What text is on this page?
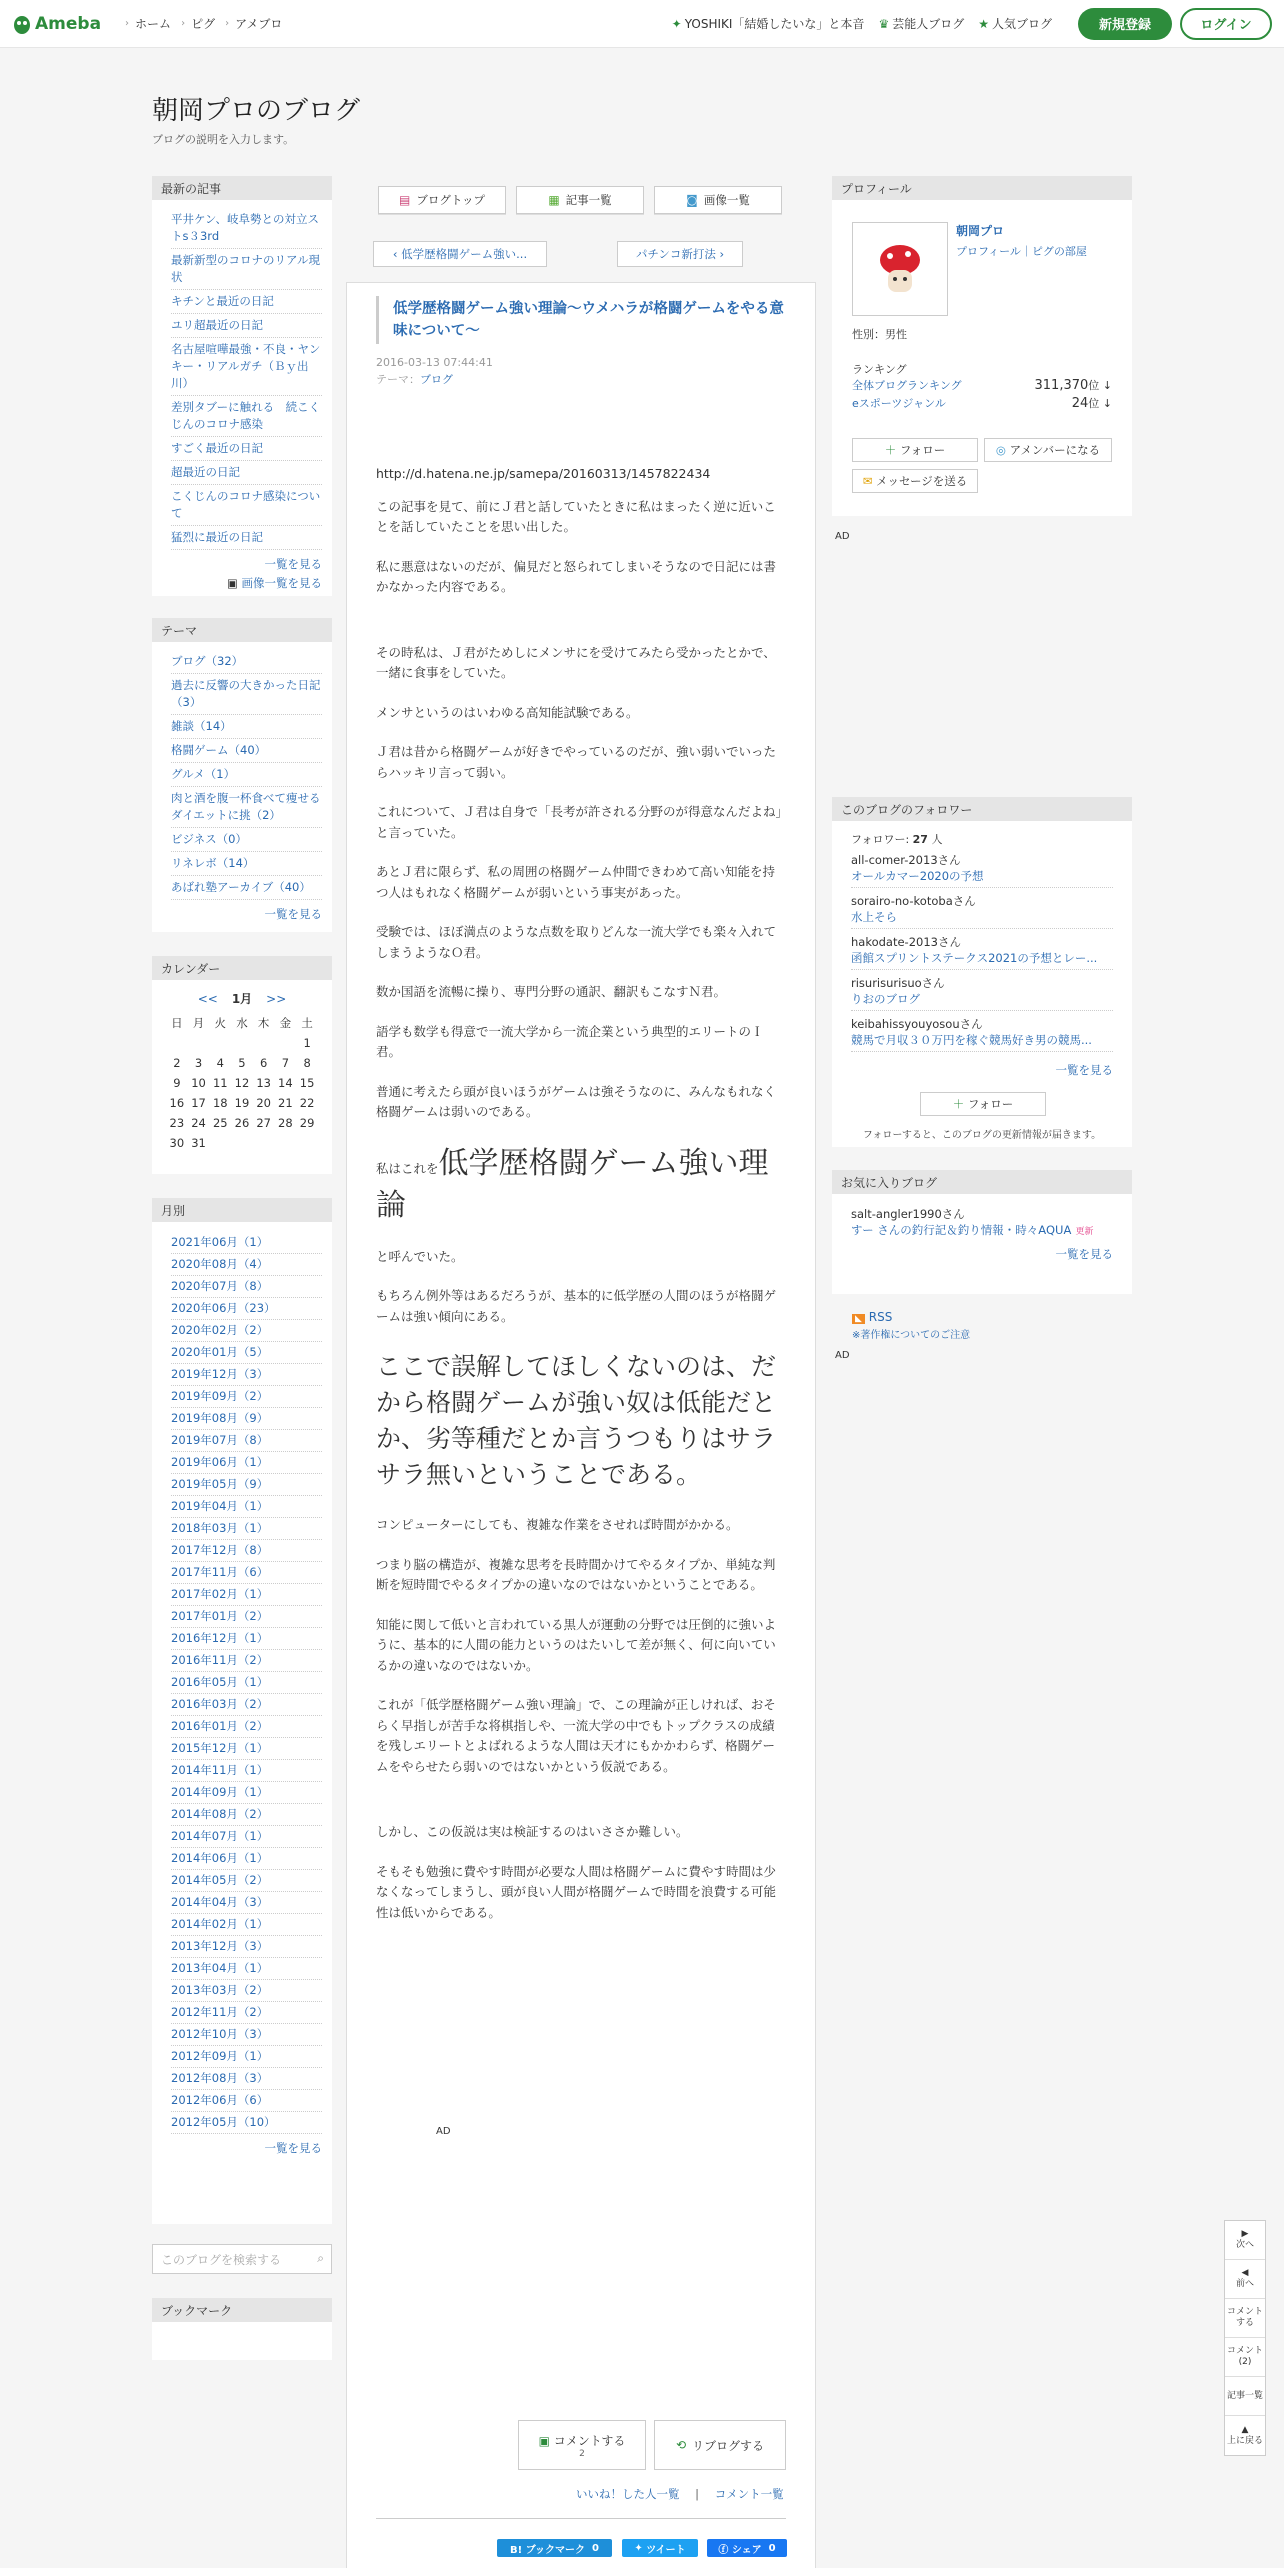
Ameba › ホーム › ピグ › アメブロ	✦ YOSHIKI「結婚したいな」と本音 ♛ 芸能人ブログ ★ 人気ブログ	新規登録	ログイン
朝岡プロのブログ
ブログの説明を入力します。
最新の記事
平井ケン、岐阜勢との対立ストs３3rd
最新新型のコロナのリアル現状
キチンと最近の日記
ユリ超最近の日記
名古屋喧嘩最強・不良・ヤンキー・リアルガチ（Ｂｙ出川）
差別タブーに触れる　続こくじんのコロナ感染
すごく最近の日記
超最近の日記
こくじんのコロナ感染について
猛烈に最近の日記
一覧を見る
▣ 画像一覧を見る
テーマ
ブログ（32）
過去に反響の大きかった日記（3）
雑談（14）
格闘ゲーム（40）
グルメ（1）
肉と酒を腹一杯食べて痩せるダイエットに挑（2）
ビジネス（0）
リネレボ（14）
あばれ塾アーカイブ（40）
一覧を見る
カレンダー
<< 1月 >>
日	月	火	水	木	金	土
						1
2	3	4	5	6	7	8
9	10	11	12	13	14	15
16	17	18	19	20	21	22
23	24	25	26	27	28	29
30	31					
月別
2021年06月（1）
2020年08月（4）
2020年07月（8）
2020年06月（23）
2020年02月（2）
2020年01月（5）
2019年12月（3）
2019年09月（2）
2019年08月（9）
2019年07月（8）
2019年06月（1）
2019年05月（9）
2019年04月（1）
2018年03月（1）
2017年12月（8）
2017年11月（6）
2017年02月（1）
2017年01月（2）
2016年12月（1）
2016年11月（2）
2016年05月（1）
2016年03月（2）
2016年01月（2）
2015年12月（1）
2014年11月（1）
2014年09月（1）
2014年08月（2）
2014年07月（1）
2014年06月（1）
2014年05月（2）
2014年04月（3）
2014年02月（1）
2013年12月（3）
2013年04月（1）
2013年03月（2）
2012年11月（2）
2012年10月（3）
2012年09月（1）
2012年08月（3）
2012年06月（6）
2012年05月（10）
一覧を見る
このブログを検索する	⌕
ブックマーク
▤ ブログトップ	▦ 記事一覧	◙ 画像一覧
‹
低学歴格闘ゲーム強い...	パチンコ新打法
›
低学歴格闘ゲーム強い理論～ウメハラが格闘ゲームをやる意味について～
2016-03-13 07:44:41
テーマ：ブログ

http://d.hatena.ne.jp/samepa/20160313/1457822434

この記事を見て、前にＪ君と話していたときに私はまったく逆に近いことを話していたことを思い出した。

私に悪意はないのだが、偏見だと怒られてしまいそうなので日記には書かなかった内容である。

その時私は、Ｊ君がためしにメンサにを受けてみたら受かったとかで、一緒に食事をしていた。

メンサというのはいわゆる高知能試験である。

Ｊ君は昔から格闘ゲームが好きでやっているのだが、強い弱いでいったらハッキリ言って弱い。

これについて、Ｊ君は自身で「長考が許される分野のが得意なんだよね」と言っていた。

あとＪ君に限らず、私の周囲の格闘ゲーム仲間できわめて高い知能を持つ人はもれなく格闘ゲームが弱いという事実があった。

受験では、ほぼ満点のような点数を取りどんな一流大学でも楽々入れてしまうようなＯ君。

数か国語を流暢に操り、専門分野の通訳、翻訳もこなすＮ君。

語学も数学も得意で一流大学から一流企業という典型的エリートのＩ君。

普通に考えたら頭が良いほうがゲームは強そうなのに、みんなもれなく格闘ゲームは弱いのである。

私はこれを低学歴格闘ゲーム強い理論

と呼んでいた。

もちろん例外等はあるだろうが、基本的に低学歴の人間のほうが格闘ゲームは強い傾向にある。

ここで誤解してほしくないのは、だから格闘ゲームが強い奴は低能だとか、劣等種だとか言うつもりはサラサラ無いということである。

コンピューターにしても、複雑な作業をさせれば時間がかかる。

つまり脳の構造が、複雑な思考を長時間かけてやるタイプか、単純な判断を短時間でやるタイプかの違いなのではないかということである。

知能に関して低いと言われている黒人が運動の分野では圧倒的に強いように、基本的に人間の能力というのはたいして差が無く、何に向いているかの違いなのではないか。

これが「低学歴格闘ゲーム強い理論」で、この理論が正しければ、おそらく早指しが苦手な将棋指しや、一流大学の中でもトップクラスの成績を残しエリートとよばれるような人間は天才にもかかわらず、格闘ゲームをやらせたら弱いのではないかという仮説である。

しかし、この仮説は実は検証するのはいささか難しい。

そもそも勉強に費やす時間が必要な人間は格闘ゲームに費やす時間は少なくなってしまうし、頭が良い人間が格闘ゲームで時間を浪費する可能性は低いからである。

AD
▣ コメントする
2
⟲ リブログする
いいね！した人一覧 | コメント一覧
B! ブックマーク
0	✦
ツイート	ⓕ
シェア
0
プロフィール
朝岡プロ
プロフィール｜ピグの部屋
性別：男性
ランキング
全体ブログランキング	311,370位 ↓
eスポーツジャンル	24位 ↓
＋
フォロー	◎
アメンバーになる
✉
メッセージを送る
AD
このブログのフォロワー
フォロワー: 27 人
all-comer-2013さん
オールカマー2020の予想
sorairo-no-kotobaさん
水上そら
hakodate-2013さん
函館スプリントステークス2021の予想とレー...
risurisurisuoさん
りおのブログ
keibahissyouyosouさん
競馬で月収３０万円を稼ぐ競馬好き男の競馬...
一覧を見る
＋
フォロー
フォローすると、このブログの更新情報が届きます。
お気に入りブログ
salt-angler1990さん
すー さんの釣行記＆釣り情報・時々AQUA 更新
一覧を見る
◣ RSS
※著作権についてのご注意
AD
▶
次へ
◀
前へ
コメントする
コメント(2)
記事一覧
▲
上に戻る
